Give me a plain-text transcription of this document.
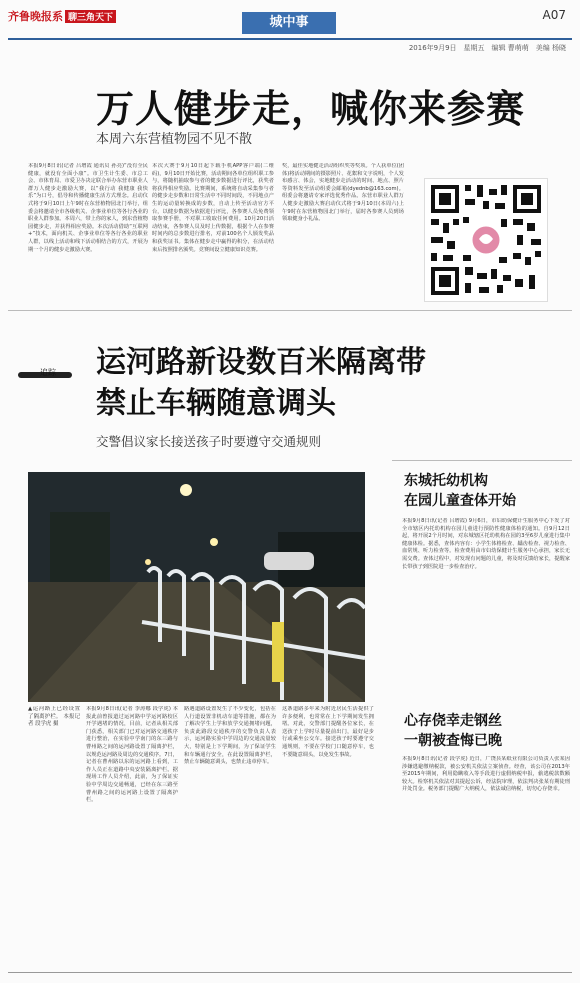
齐鲁晚报系 聊三角天下	城中事	A07
2016年9月9日　星期五　编辑 曹萌萌　美编 杨晓
万人健步走，喊你来参赛
本周六东营植物园不见不散
本报9月8日讯(记者 吕增霞 通讯员 孙亮)“没有全民健康，就没有全面小康”。市卫生计生委、市总工会、市体育局、市爱卫办决定联合举办东营市职业人群万人健步走激励大赛，以“我行动 我健康 我快乐”为口号，倡导和传播健康生活方式理念。启动仪式将于9月10日上午9时在东营植物园北门举行，组委会将邀请全市各级机关、企事业单位等各行各业的职业人群参加。本周六，带上你的家人，到东营植物园健步走，并获得相应奖励。本次活动借助“互联网+”技术，面向机关、企事业单位等各行各业的职业人群，以线上活动和线下活动相结合的方式，开展为期一个月的健步走激励大赛。
本次大赛于9月10日起下载手机APP客户端(二维码)，9月10日开始比赛，活动期间各单位组织职工参与，将随机抽取参与者的健步数据进行评比，获奖者将获得相应奖励。比赛期间，系统将自动采集参与者的健步走步数和日常生活中不同时间段，不同地点产生的运动量转换成的步数，自动上传至活动官方平台，以健步数据为依据进行评比，各参赛人员免费领取参赛手册，不对职工收取任何费用。10月20日活动结束，各参赛人员及时上传数据，根据个人在参赛时间内的总步数进行排名，对前100名个人颁发奖品和获奖证书。集体在健步走中赢得的积分，在活动结束后按照排名颁奖。竞赛间设立健康知识竞赛。
奖，最佳实地健走活动组织奖等奖项。个人获单位(团体)将活动期间的摄影照片、花絮和文字说明，个人发布感言、体会，实地健步走活动的时间、地点、照片等资料发至活动组委会邮箱(dyednb@163.com)。组委会将邀请专家评选优秀作品。东营市职业人群万人健步走激励大赛启动仪式将于9月10日(本周六)上午9时在东营植物园北门举行，届时各参赛人员到场领取健身小礼品。
追踪	运河路新设数百米隔离带
禁止车辆随意调头
交警倡议家长接送孩子时要遵守交通规则
▲运河路上已经设置了隔离护栏。 本报记者 段学虎 摄
本报9月8日讯(记者 李涛娜 段学虎) 本报此前曾报道过运河路中学运河路校区开学遇堵的情况，目前，记者从相关部门获悉，相关部门已对运河路交通秩序进行整治，在实验中学南门的东三路与曹州路之间的运河路设置了隔离护栏，以规范运河路及周边的交通秩序。7日，记者在曹州路以东的运河路上看到，工作人员正在道路中央安装隔离护栏。据现场工作人员介绍，此前，为了保证实验中学周边交通畅通，已经在东三路至曹州路之间的运河路上设置了隔离护栏。
路遇道路设置发生了不少变化，包括在人行道设置非机动车道等措施，都在为了解决学生上学和放学交通拥堵问题，负责此路段交通秩序的交警负责人表示，运河路实验中学周边的交通流量较大，特别是上下学期间，为了保证学生和车辆通行安全，在此设置隔离护栏，禁止车辆随意调头，也禁止违章停车。
这条道路多年来为附近居民生活提供了许多便利，也常常在上下学期间发生拥堵。对此，交警部门提醒各位家长，在送孩子上学时尽量提前出门，最好是步行或乘坐公交车。接送孩子时要遵守交通规则，不要在学校门口随意停车，也不要随意调头，以免发生事故。
东城托幼机构
在园儿童查体开始
本报9月8日讯(记者 吕增霞) 9月6日，市妇幼保健计生服务中心下发了对全市辖区内托幼机构在园儿童进行预防性健康体检的通知。自9月12日起，将开展2个月时间，对东城辖区托幼机构在园的3至6岁儿童进行集中健康体检。据悉，查体内容有：小学生体格检查、龋齿检查、视力检查、血常规、听力检查等。检查费用由市妇幼保健计生服务中心承担，家长无需交费。查体过程中，对发现有问题的儿童，将及时反馈给家长，提醒家长带孩子到医院进一步检查治疗。
心存侥幸走钢丝
一朝被查悔已晚
本报9月8日讯(记者 段学虎) 近日，广饶县某纸业有限公司负责人张某因涉嫌逃避缴纳税款，被公安机关依法立案侦查。经查，该公司在2013年至2015年期间，利用隐瞒收入等手段进行虚假纳税申报，偷逃税款数额较大。检察机关依法对其提起公诉，经法院审理，依法判决张某有期徒刑并处罚金。税务部门提醒广大纳税人，依法诚信纳税，切勿心存侥幸。
